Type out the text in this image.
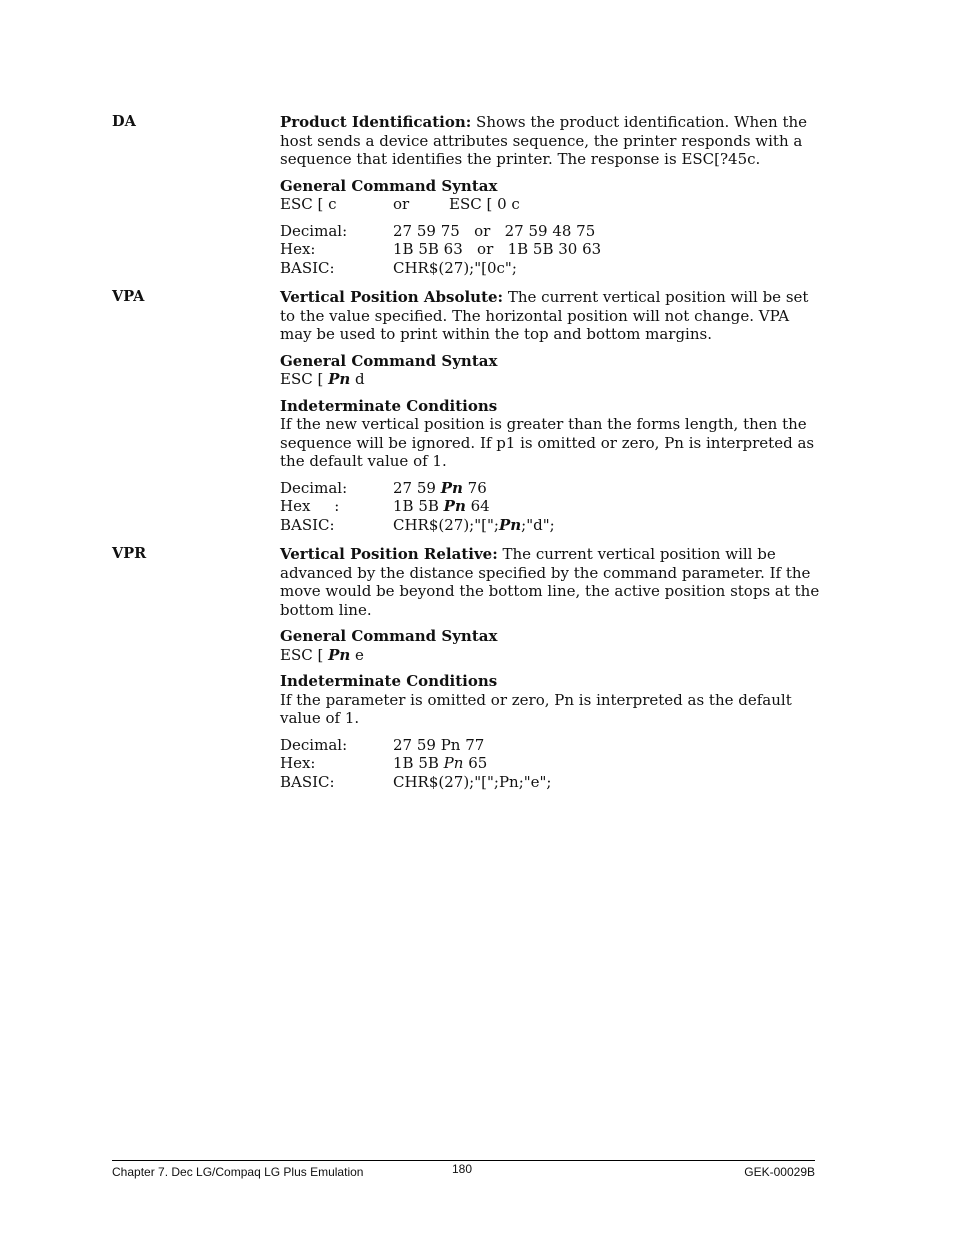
DA	Product Identification: Shows the product identification. When the host sends a device attributes sequence, the printer responds with a sequence that identifies the printer. The response is ESC[?45c.

General Command Syntax

ESC [ c	or	ESC [ 0 c
Decimal:	27 59 75   or   27 59 48 75
Hex:	1B 5B 63   or   1B 5B 30 63
BASIC:	CHR$(27);"[0c";
VPA	Vertical Position Absolute: The current vertical position will be set to the value specified. The horizontal position will not change. VPA may be used to print within the top and bottom margins.

General Command Syntax

ESC [ Pn d

Indeterminate Conditions

If the new vertical position is greater than the forms length, then the sequence will be ignored. If p1 is omitted or zero, Pn is interpreted as the default value of 1.

Decimal:	27 59 Pn 76
Hex     :	1B 5B Pn 64
BASIC:	CHR$(27);"[";Pn;"d";
VPR	Vertical Position Relative: The current vertical position will be advanced by the distance specified by the command parameter. If the move would be beyond the bottom line, the active position stops at the bottom line.

General Command Syntax

ESC [ Pn e

Indeterminate Conditions

If the parameter is omitted or zero, Pn is interpreted as the default value of 1.

Decimal:	27 59 Pn 77
Hex:	1B 5B Pn 65
BASIC:	CHR$(27);"[";Pn;"e";
Chapter 7. Dec LG/Compaq LG Plus Emulation	180	GEK-00029B
